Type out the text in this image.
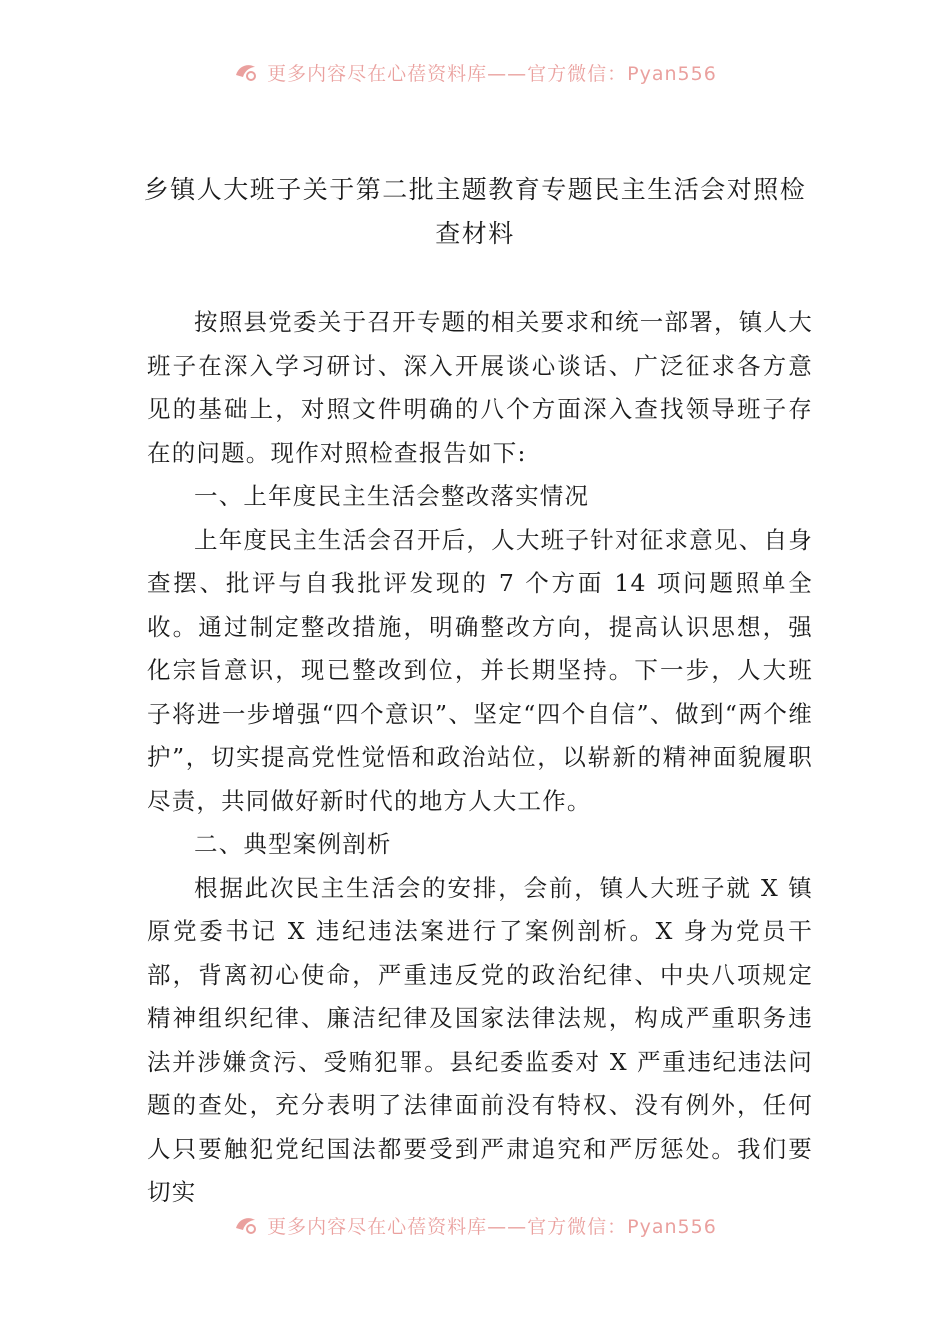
更多内容尽在心蓓资料库——官方微信：Pyan556
乡镇人大班子关于第二批主题教育专题民主生活会对照检查材料

按照县党委关于召开专题的相关要求和统一部署，镇人大班子在深入学习研讨、深入开展谈心谈话、广泛征求各方意见的基础上，对照文件明确的八个方面深入查找领导班子存在的问题。现作对照检查报告如下:

一、上年度民主生活会整改落实情况

上年度民主生活会召开后，人大班子针对征求意见、自身查摆、批评与自我批评发现的 7 个方面 14 项问题照单全收。通过制定整改措施，明确整改方向，提高认识思想，强化宗旨意识，现已整改到位，并长期坚持。下一步，人大班子将进一步增强“四个意识”、坚定“四个自信”、做到“两个维护”，切实提高党性觉悟和政治站位，以崭新的精神面貌履职尽责，共同做好新时代的地方人大工作。

二、典型案例剖析

根据此次民主生活会的安排，会前，镇人大班子就 X 镇原党委书记 X 违纪违法案进行了案例剖析。X 身为党员干部，背离初心使命，严重违反党的政治纪律、中央八项规定精神组织纪律、廉洁纪律及国家法律法规，构成严重职务违法并涉嫌贪污、受贿犯罪。县纪委监委对 X 严重违纪违法问题的查处，充分表明了法律面前没有特权、没有例外，任何人只要触犯党纪国法都要受到严肃追究和严厉惩处。我们要切实

更多内容尽在心蓓资料库——官方微信：Pyan556
